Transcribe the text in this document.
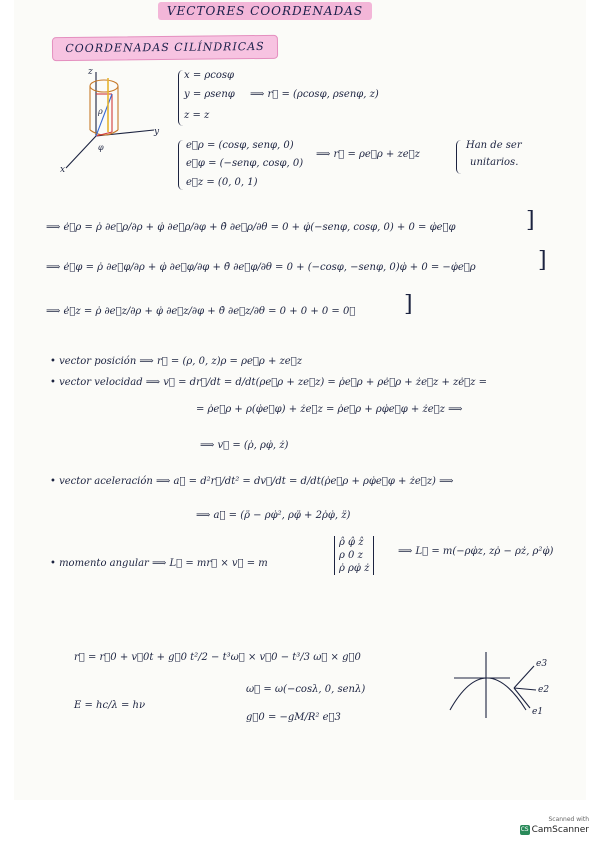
VECTORES COORDENADAS
COORDENADAS CILÍNDRICAS
z
y
x
φ
ρ
x = ρcosφ
y = ρsenφ
z = z
⟹ r⃗ = (ρcosφ, ρsenφ, z)
e⃗ρ = (cosφ, senφ, 0)
e⃗φ = (−senφ, cosφ, 0)
e⃗z = (0, 0, 1)
⟹ r⃗ = ρe⃗ρ + ze⃗z
Han de ser
unitarios.
⟹ ė⃗ρ = ρ̇ ∂e⃗ρ/∂ρ + φ̇ ∂e⃗ρ/∂φ + θ̇ ∂e⃗ρ/∂θ = 0 + φ̇(−senφ, cosφ, 0) + 0 = φ̇e⃗φ	]
⟹ ė⃗φ = ρ̇ ∂e⃗φ/∂ρ + φ̇ ∂e⃗φ/∂φ + θ̇ ∂e⃗φ/∂θ = 0 + (−cosφ, −senφ, 0)φ̇ + 0 = −φ̇e⃗ρ	]
⟹ ė⃗z = ρ̇ ∂e⃗z/∂ρ + φ̇ ∂e⃗z/∂φ + θ̇ ∂e⃗z/∂θ = 0 + 0 + 0 = 0⃗ ]
• vector posición ⟹ r⃗ = (ρ, 0, z)ρ = ρe⃗ρ + ze⃗z
• vector velocidad ⟹ v⃗ = dr⃗/dt = d/dt(ρe⃗ρ + ze⃗z) = ρ̇e⃗ρ + ρė⃗ρ + że⃗z + zė⃗z =
= ρ̇e⃗ρ + ρ(φ̇e⃗φ) + że⃗z = ρ̇e⃗ρ + ρφ̇e⃗φ + że⃗z ⟹
⟹ v⃗ = (ρ̇, ρφ̇, ż)
• vector aceleración ⟹ a⃗ = d²r⃗/dt² = dv⃗/dt = d/dt(ρ̇e⃗ρ + ρφ̇e⃗φ + że⃗z) ⟹
⟹ a⃗ = (ρ̈ − ρφ̇², ρφ̈ + 2ρ̇φ̇, z̈)
• momento angular ⟹ L⃗ = mr⃗ × v⃗ = m
ρ̂ φ̂ ẑ
ρ 0 z
ρ̇ ρφ̇ ż
⟹ L⃗ = m(−ρφ̇z, zρ̇ − ρż, ρ²φ̇)
r⃗ = r⃗0 + v⃗0t + g⃗0 t²/2 − t³ω⃗ × v⃗0 − t³/3 ω⃗ × g⃗0
E = hc/λ = hν
ω⃗ = ω(−cosλ, 0, senλ)
g⃗0 = −gM/R² e⃗3
e3
e2
e1
Scanned with
CS CamScanner
